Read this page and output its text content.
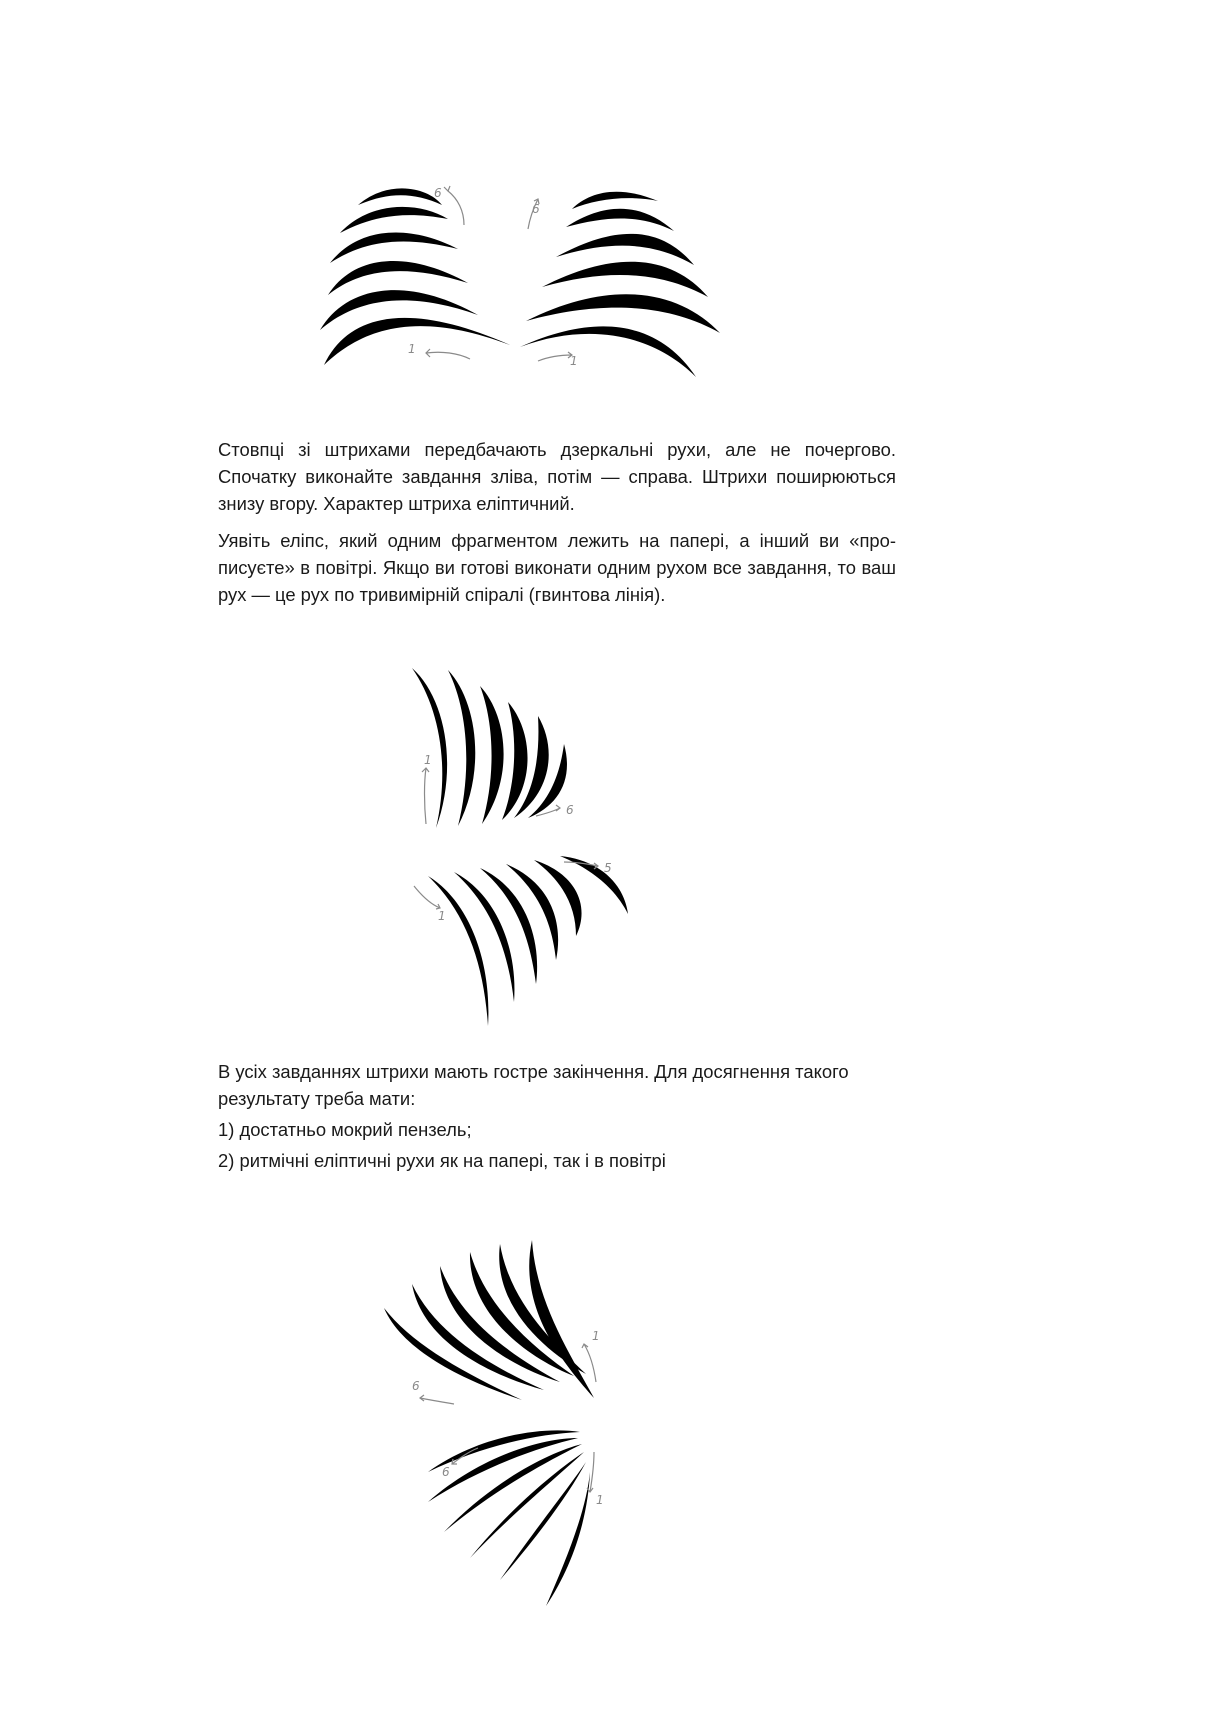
6
1
6
1

Стовпці зі штрихами передбачають дзеркальні рухи, але не почергово. Спочатку виконайте завдання зліва, потім — справа. Штрихи поширюються знизу вгору. Характер штриха еліптичний.

Уявіть еліпс, який одним фрагментом лежить на папері, а інший ви «прописуєте» в повітрі. Якщо ви готові виконати одним рухом все завдання, то ваш рух — це рух по тривимірній спіралі (гвинтова лінія).

1
6
1
5

В усіх завданнях штрихи мають гостре закінчення. Для досягнення такого результату треба мати:

1) достатньо мокрий пензель;

2) ритмічні еліптичні рухи як на папері, так і в повітрі

1
6
1
6
